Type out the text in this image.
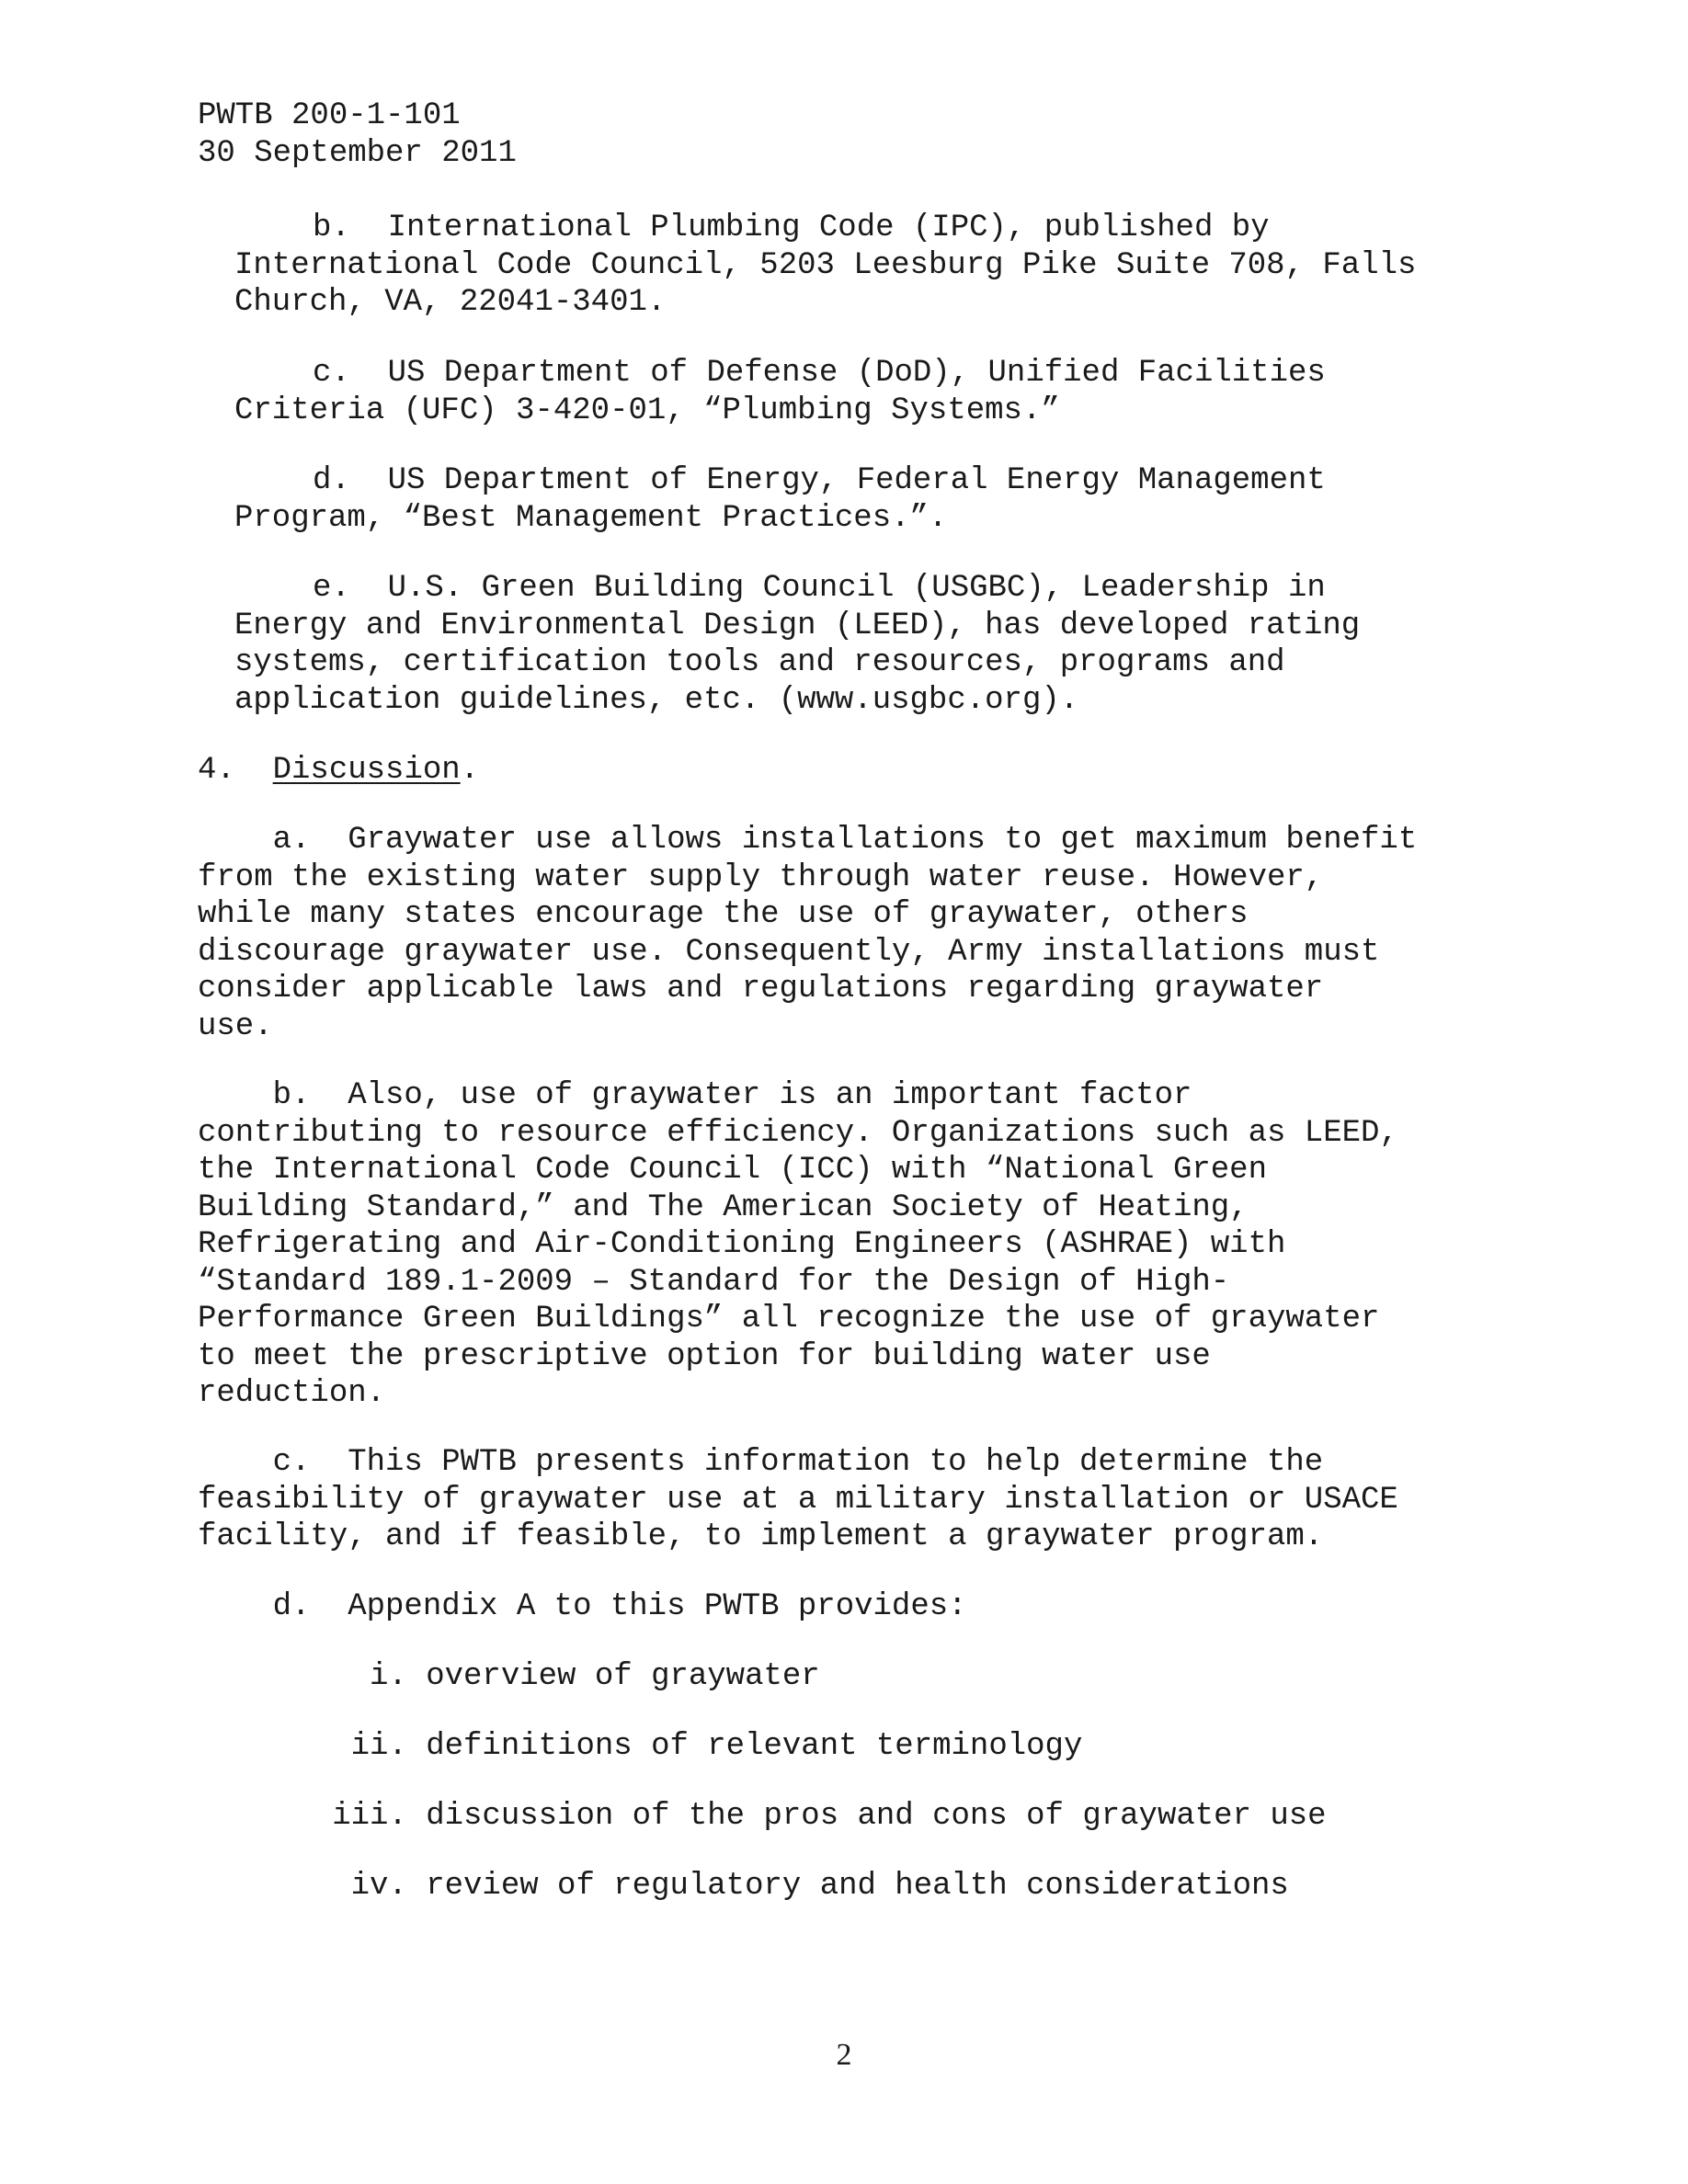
PWTB 200-1-101
30 September 2011
b.  International Plumbing Code (IPC), published by
International Code Council, 5203 Leesburg Pike Suite 708, Falls
Church, VA, 22041-3401.
c.  US Department of Defense (DoD), Unified Facilities
Criteria (UFC) 3-420-01, “Plumbing Systems.”
d.  US Department of Energy, Federal Energy Management
Program, “Best Management Practices.”.
e.  U.S. Green Building Council (USGBC), Leadership in
Energy and Environmental Design (LEED), has developed rating
systems, certification tools and resources, programs and
application guidelines, etc. (www.usgbc.org).
4. Discussion.
a.  Graywater use allows installations to get maximum benefit
from the existing water supply through water reuse. However,
while many states encourage the use of graywater, others
discourage graywater use. Consequently, Army installations must
consider applicable laws and regulations regarding graywater
use.
b.  Also, use of graywater is an important factor
contributing to resource efficiency. Organizations such as LEED,
the International Code Council (ICC) with “National Green
Building Standard,” and The American Society of Heating,
Refrigerating and Air-Conditioning Engineers (ASHRAE) with
“Standard 189.1-2009 – Standard for the Design of High-
Performance Green Buildings” all recognize the use of graywater
to meet the prescriptive option for building water use
reduction.
c.  This PWTB presents information to help determine the
feasibility of graywater use at a military installation or USACE
facility, and if feasible, to implement a graywater program.
d.  Appendix A to this PWTB provides:
i. overview of graywater
ii. definitions of relevant terminology
iii. discussion of the pros and cons of graywater use
iv. review of regulatory and health considerations
2
